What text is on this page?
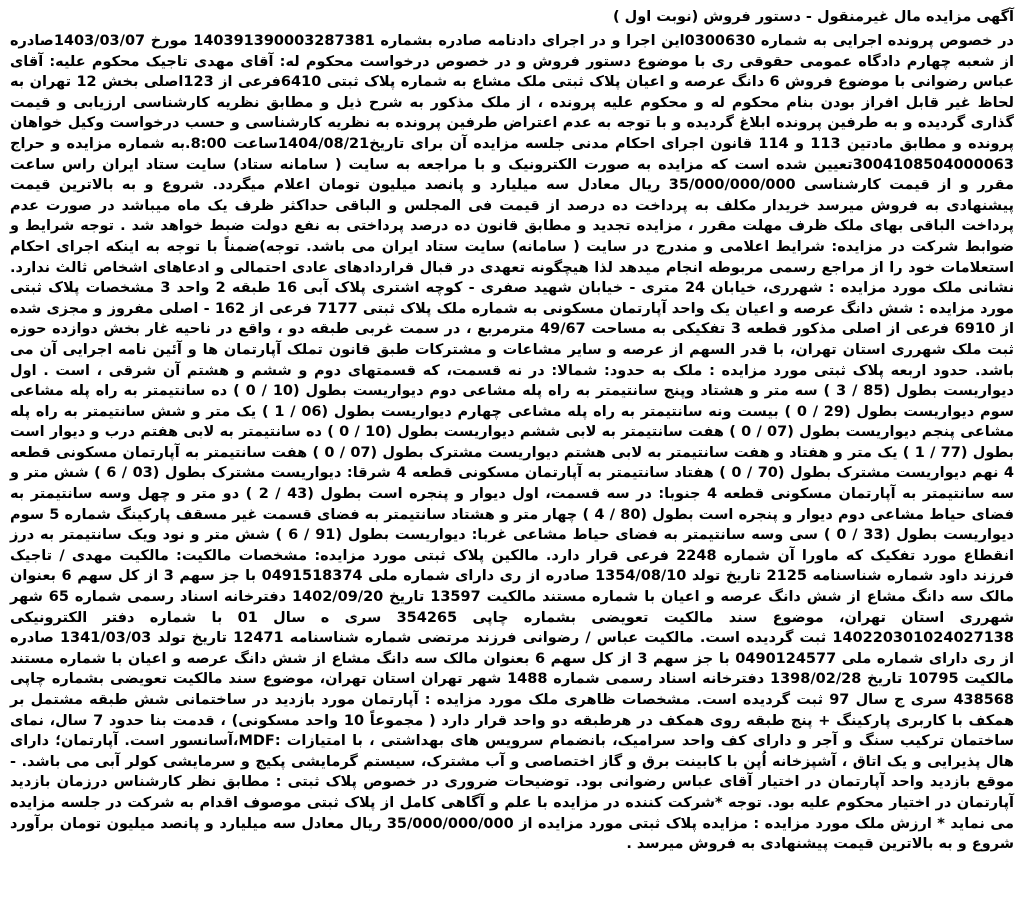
آگهی مزایده مال غیرمنقول - دستور فروش (نوبت اول )

در خصوص پرونده اجرایی به شماره 0300630این اجرا و در اجرای دادنامه صادره بشماره 140391390003287381 مورخ 1403/03/07صادره از شعبه چهارم دادگاه عمومی حقوقی ری با موضوع دستور فروش و در خصوص درخواست محکوم له: آقای مهدی تاجیک محکوم علیه: آقای عباس رضوانی با موضوع فروش 6 دانگ عرصه و اعیان پلاک ثبتی ملک مشاع به شماره پلاک ثبتی 6410فرعی از 123اصلی بخش 12 تهران به لحاظ غیر قابل افراز بودن بنام محکوم له و محکوم علیه پرونده ، از ملک مذکور به شرح ذیل و مطابق نظریه کارشناسی ارزیابی و قیمت گذاری گردیده و به طرفین پرونده ابلاغ گردیده و با توجه به عدم اعتراض طرفین پرونده به نظریه کارشناسی و حسب درخواست وکیل خواهان پرونده و مطابق مادتین 113 و 114 قانون اجرای احکام مدنی جلسه مزایده آن برای تاریخ1404/08/21ساعت 8:00.به شماره مزایده و حراج 3004108504000063تعیین شده است که مزایده به صورت الکترونیک و با مراجعه به سایت ( سامانه ستاد) سایت ستاد ایران راس ساعت مقرر و از قیمت کارشناسی 35/000/000/000 ریال معادل سه میلیارد و پانصد میلیون تومان اعلام میگردد. شروع و به بالاترین قیمت پیشنهادی به فروش میرسد خریدار مکلف به پرداخت ده درصد از قیمت فی المجلس و الباقی حداکثر ظرف یک ماه میباشد در صورت عدم پرداخت الباقی بهای ملک ظرف مهلت مقرر ، مزایده تجدید و مطابق قانون ده درصد پرداختی به نفع دولت ضبط خواهد شد . توجه شرایط و ضوابط شرکت در مزایده: شرایط اعلامی و مندرج در سایت ( سامانه) سایت ستاد ایران می باشد. توجه)ضمناً با توجه به اینکه اجرای احکام استعلامات خود را از مراجع رسمی مربوطه انجام میدهد لذا هیچگونه تعهدی در قبال قراردادهای عادی احتمالی و ادعاهای اشخاص ثالث ندارد. نشانی ملک مورد مزایده : شهرری، خیابان 24 متری - خیابان شهید صفری - کوچه اشتری پلاک آبی 16 طبقه 2 واحد 3 مشخصات پلاک ثبتی مورد مزایده : شش دانگ عرصه و اعیان یک واحد آپارتمان مسکونی به شماره ملک پلاک ثبتی 7177 فرعی از 162 - اصلی مفروز و مجزی شده از 6910 فرعی از اصلی مذکور قطعه 3 تفکیکی به مساحت 49/67 مترمربع ، در سمت غربی طبقه دو ، واقع در ناحیه غار بخش دوازده حوزه ثبت ملک شهرری استان تهران، با قدر السهم از عرصه و سایر مشاعات و مشترکات طبق قانون تملک آپارتمان ها و آئین نامه اجرایی آن می باشد. حدود اربعه پلاک ثبتی مورد مزایده : ملک به حدود: شمالا: در نه قسمت، که قسمتهای دوم و ششم و هشتم آن شرقی ، است . اول دیواریست بطول (85 / 3 ) سه متر و هشتاد وپنج سانتیمتر به راه پله مشاعی دوم دیواریست بطول (10 / 0 ) ده سانتیمتر به راه پله مشاعی سوم دیواریست بطول (29 / 0 ) بیست ونه سانتیمتر به راه پله مشاعی چهارم دیواریست بطول (06 / 1 ) یک متر و شش سانتیمتر به راه پله مشاعی پنجم دیواریست بطول (07 / 0 ) هفت سانتیمتر به لابی ششم دیواریست بطول (10 / 0 ) ده سانتیمتر به لابی هفتم درب و دیوار است بطول (77 / 1 ) یک متر و هفتاد و هفت سانتیمتر به لابی هشتم دیواریست مشترک بطول (07 / 0 ) هفت سانتیمتر به آپارتمان مسکونی قطعه 4 نهم دیواریست مشترک بطول (70 / 0 ) هفتاد سانتیمتر به آپارتمان مسکونی قطعه 4 شرقا: دیواریست مشترک بطول (03 / 6 ) شش متر و سه سانتیمتر به آپارتمان مسکونی قطعه 4 جنوبا: در سه قسمت، اول دیوار و پنجره است بطول (43 / 2 ) دو متر و چهل وسه سانتیمتر به فضای حیاط مشاعی دوم دیوار و پنجره است بطول (80 / 4 ) چهار متر و هشتاد سانتیمتر به فضای قسمت غیر مسقف پارکینگ شماره 5 سوم دیواریست بطول (33 / 0 ) سی وسه سانتیمتر به فضای حیاط مشاعی غربا: دیواریست بطول (91 / 6 ) شش متر و نود ویک سانتیمتر به درز انقطاع مورد تفکیک که ماورا آن شماره 2248 فرعی قرار دارد. مالکین پلاک ثبتی مورد مزایده: مشخصات مالکیت: مالکیت مهدی / تاجیک فرزند داود شماره شناسنامه 2125 تاریخ تولد 1354/08/10 صادره از ری دارای شماره ملی 0491518374 با جز سهم 3 از کل سهم 6 بعنوان مالک سه دانگ مشاع از شش دانگ عرصه و اعیان با شماره مستند مالکیت 13597 تاریخ 1402/09/20 دفترخانه اسناد رسمی شماره 65 شهر شهرری استان تهران، موضوع سند مالکیت تعویضی بشماره چاپی 354265 سری ه سال 01 با شماره دفتر الکترونیکی 140220301024027138 ثبت گردیده است. مالکیت عباس / رضوانی فرزند مرتضی شماره شناسنامه 12471 تاریخ تولد 1341/03/03 صادره از ری دارای شماره ملی 0490124577 با جز سهم 3 از کل سهم 6 بعنوان مالک سه دانگ مشاع از شش دانگ عرصه و اعیان با شماره مستند مالکیت 10795 تاریخ 1398/02/28 دفترخانه اسناد رسمی شماره 1488 شهر تهران استان تهران، موضوع سند مالکیت تعویضی بشماره چاپی 438568 سری ج سال 97 ثبت گردیده است. مشخصات ظاهری ملک مورد مزایده : آپارتمان مورد بازدید در ساختمانی شش طبقه مشتمل بر همکف با کاربری پارکینگ + پنج طبقه روی همکف در هرطبقه دو واحد قرار دارد ( مجموعاً 10 واحد مسکونی) ، قدمت بنا حدود 7 سال، نمای ساختمان ترکیب سنگ و آجر و دارای کف واحد سرامیک، بانضمام سرویس های بهداشتی ، با امتیازات :MDF،آسانسور است. آپارتمان؛ دارای هال پذیرایی و یک اتاق ، آشپزخانه اُپن با کابینت برق و گاز اختصاصی و آب مشترک، سیستم گرمایشی پکیج و سرمایشی کولر آبی می باشد. - موقع بازدید واحد آپارتمان در اختیار آقای عباس رضوانی بود. توضیحات ضروری در خصوص پلاک ثبتی : مطابق نظر کارشناس درزمان بازدید آپارتمان در اختیار محکوم علیه بود. توجه *شرکت کننده در مزایده با علم و آگاهی کامل از پلاک ثبتی موصوف اقدام به شرکت در جلسه مزایده می نماید * ارزش ملک مورد مزایده : مزایده پلاک ثبتی مورد مزایده از 35/000/000/000 ریال معادل سه میلیارد و پانصد میلیون تومان برآورد شروع و به بالاترین قیمت پیشنهادی به فروش میرسد .
